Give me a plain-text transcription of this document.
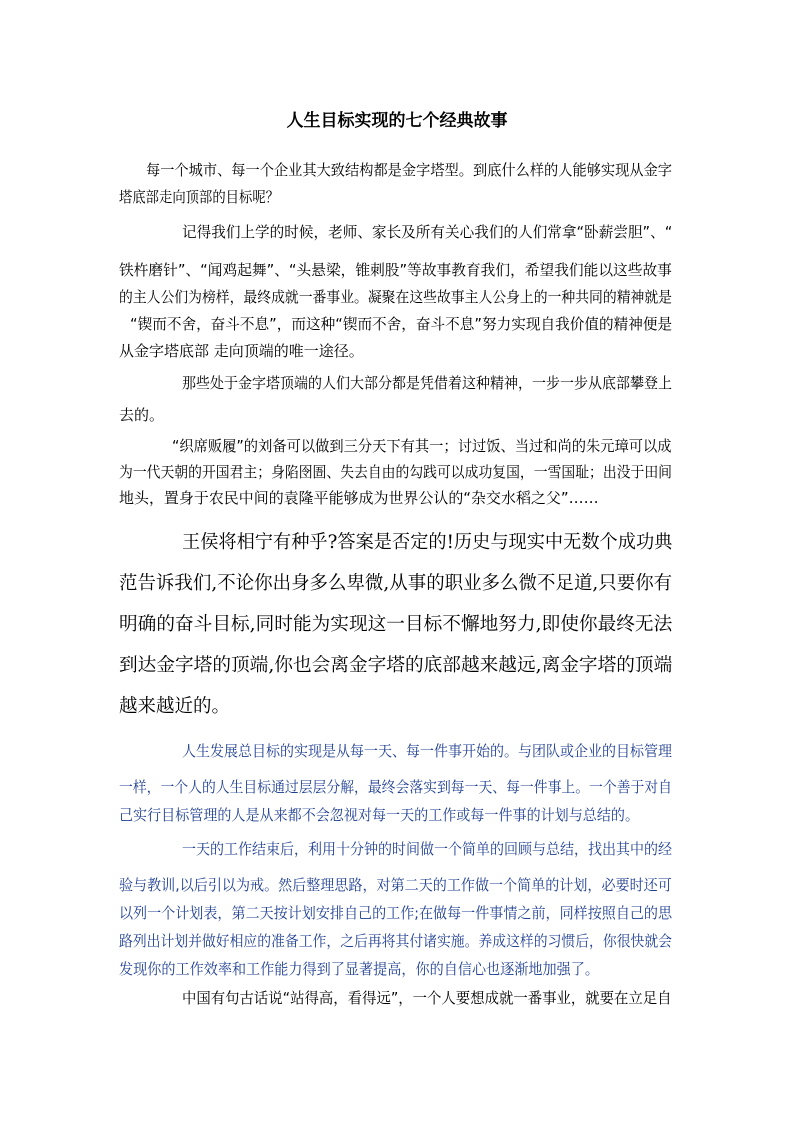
人生目标实现的七个经典故事
每一个城市、每一个企业其大致结构都是金字塔型。到底什么样的人能够实现从金字
塔底部走向顶部的目标呢？
记得我们上学的时候，老师、家长及所有关心我们的人们常拿“卧薪尝胆”、“
铁杵磨针”、“闻鸡起舞”、“头悬梁，锥刺股”等故事教育我们，希望我们能以这些故事
的主人公们为榜样，最终成就一番事业。凝聚在这些故事主人公身上的一种共同的精神就是
“锲而不舍，奋斗不息”，而这种“锲而不舍，奋斗不息”努力实现自我价值的精神便是
从金字塔底部 走向顶端的唯一途径。
那些处于金字塔顶端的人们大部分都是凭借着这种精神，一步一步从底部攀登上
去的。
“织席贩履”的刘备可以做到三分天下有其一；讨过饭、当过和尚的朱元璋可以成
为一代天朝的开国君主；身陷囹圄、失去自由的勾践可以成功复国，一雪国耻；出没于田间
地头，置身于农民中间的袁隆平能够成为世界公认的“杂交水稻之父”……
王侯将相宁有种乎?答案是否定的!历史与现实中无数个成功典
范告诉我们,不论你出身多么卑微,从事的职业多么微不足道,只要你有
明确的奋斗目标,同时能为实现这一目标不懈地努力,即使你最终无法
到达金字塔的顶端,你也会离金字塔的底部越来越远,离金字塔的顶端
越来越近的。
人生发展总目标的实现是从每一天、每一件事开始的。与团队或企业的目标管理
一样，一个人的人生目标通过层层分解，最终会落实到每一天、每一件事上。一个善于对自
己实行目标管理的人是从来都不会忽视对每一天的工作或每一件事的计划与总结的。
一天的工作结束后，利用十分钟的时间做一个简单的回顾与总结，找出其中的经
验与教训,以后引以为戒。然后整理思路，对第二天的工作做一个简单的计划，必要时还可
以列一个计划表，第二天按计划安排自己的工作;在做每一件事情之前，同样按照自己的思
路列出计划并做好相应的准备工作，之后再将其付诸实施。养成这样的习惯后，你很快就会
发现你的工作效率和工作能力得到了显著提高，你的自信心也逐渐地加强了。
中国有句古话说“站得高，看得远”，一个人要想成就一番事业，就要在立足自
